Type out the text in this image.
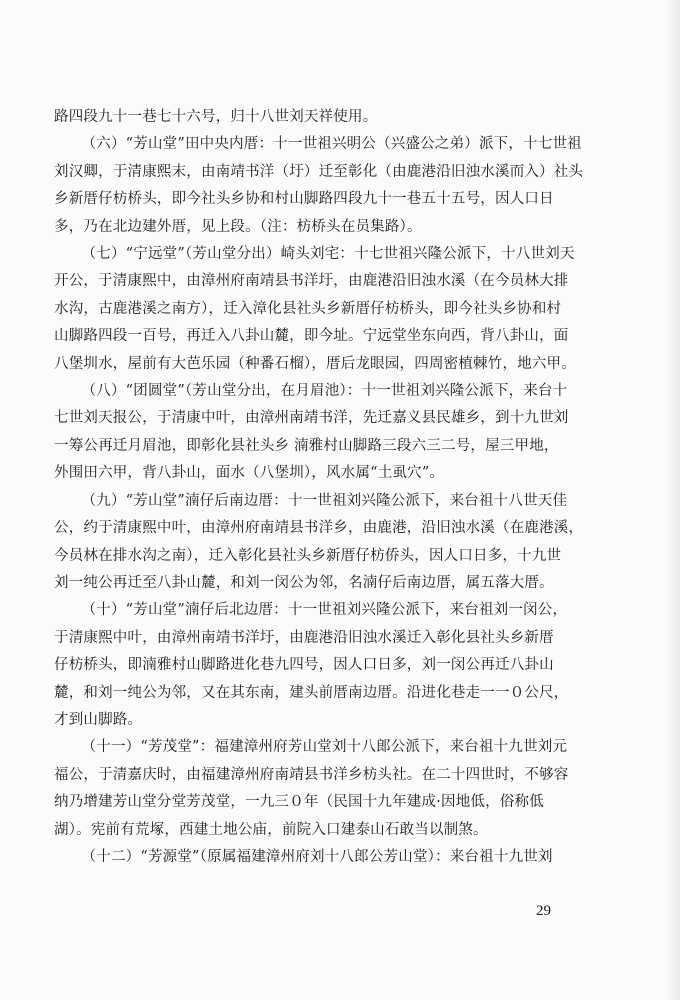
路四段九十一巷七十六号，归十八世刘天祥使用。

（六）“芳山堂”田中央内厝：十一世祖兴明公（兴盛公之弟）派下，十七世祖
刘汉卿，于清康熙末，由南靖书洋（圩）迁至彰化（由鹿港沿旧浊水溪而入）社头
乡新厝仔枋桥头，即今社头乡协和村山脚路四段九十一巷五十五号，因人口日
多，乃在北边建外厝，见上段。（注：枋桥头在员集路）。

（七）“宁远堂”（芳山堂分出）崎头刘宅：十七世祖兴隆公派下，十八世刘天
开公，于清康熙中，由漳州府南靖县书洋圩，由鹿港沿旧浊水溪（在今员林大排
水沟，古鹿港溪之南方），迁入漳化县社头乡新厝仔枋桥头，即今社头乡协和村
山脚路四段一百号，再迁入八卦山麓，即今址。宁远堂坐东向西，背八卦山，面
八堡圳水，屋前有大芭乐园（种番石榴），厝后龙眼园，四周密植棘竹，地六甲。

（八）“团圆堂”（芳山堂分出，在月眉池）：十一世祖刘兴隆公派下，来台十
七世刘天报公，于清康中叶，由漳州南靖书洋，先迁嘉义县民雄乡，到十九世刘
一筹公再迁月眉池，即彰化县社头乡 湳雅村山脚路三段六三二号，屋三甲地，
外围田六甲，背八卦山，面水（八堡圳），风水属“土虱穴”。

（九）“芳山堂”湳仔后南边厝：十一世祖刘兴隆公派下，来台祖十八世天佳
公，约于清康熙中叶，由漳州府南靖县书洋乡，由鹿港，沿旧浊水溪（在鹿港溪，
今员林在排水沟之南），迁入彰化县社头乡新厝仔枋侨头，因人口日多，十九世
刘一纯公再迁至八卦山麓，和刘一闵公为邻，名湳仔后南边厝，属五落大厝。

（十）“芳山堂”湳仔后北边厝：十一世祖刘兴隆公派下，来台祖刘一闵公，
于清康熙中叶，由漳州南靖书洋圩，由鹿港沿旧浊水溪迁入彰化县社头乡新厝
仔枋桥头，即湳雅村山脚路进化巷九四号，因人口日多，刘一闵公再迁八卦山
麓，和刘一纯公为邻，又在其东南，建头前厝南边厝。沿进化巷走一一０公尺，
才到山脚路。

（十一）“芳茂堂”：福建漳州府芳山堂刘十八郎公派下，来台祖十九世刘元
福公，于清嘉庆时，由福建漳州府南靖县书洋乡枋头社。在二十四世时，不够容
纳乃增建芳山堂分堂芳茂堂，一九三０年（民国十九年建成·因地低，俗称低
湖）。宪前有荒塚，西建土地公庙，前院入口建泰山石敢当以制煞。

（十二）“芳源堂”（原属福建漳州府刘十八郎公芳山堂）：来台祖十九世刘

29
